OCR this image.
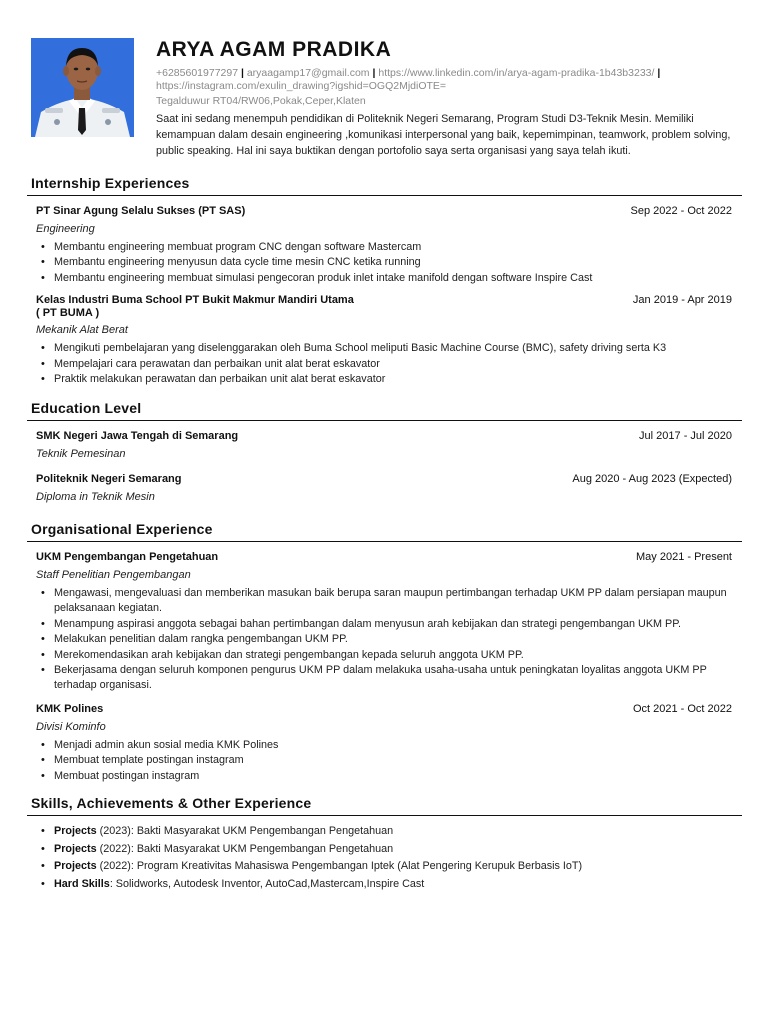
ARYA AGAM PRADIKA
+6285601977297 | aryaagamp17@gmail.com | https://www.linkedin.com/in/arya-agam-pradika-1b43b3233/ | https://instagram.com/exulin_drawing?igshid=OGQ2MjdiOTE=
Tegalduwur RT04/RW06,Pokak,Ceper,Klaten
Saat ini sedang menempuh pendidikan di Politeknik Negeri Semarang, Program Studi D3-Teknik Mesin. Memiliki kemampuan dalam desain engineering ,komunikasi interpersonal yang baik, kepemimpinan, teamwork, problem solving, public speaking. Hal ini saya buktikan dengan portofolio saya serta organisasi yang saya telah ikuti.
Internship Experiences
PT Sinar Agung Selalu Sukses (PT SAS)	Sep 2022 - Oct 2022
Engineering
• Membantu engineering membuat program CNC dengan software Mastercam
• Membantu engineering menyusun data cycle time mesin CNC ketika running
• Membantu engineering membuat simulasi pengecoran produk inlet intake manifold dengan software Inspire Cast
Kelas Industri Buma School PT Bukit Makmur Mandiri Utama
( PT BUMA )
Jan 2019 - Apr 2019
Mekanik Alat Berat
• Mengikuti pembelajaran yang diselenggarakan oleh Buma School meliputi Basic Machine Course (BMC), safety driving serta K3
• Mempelajari cara perawatan dan perbaikan unit alat berat eskavator
• Praktik melakukan perawatan dan perbaikan unit alat berat eskavator
Education Level
SMK Negeri Jawa Tengah di Semarang	Jul 2017 - Jul 2020
Teknik Pemesinan
Politeknik Negeri Semarang	Aug 2020 - Aug 2023 (Expected)
Diploma in Teknik Mesin
Organisational Experience
UKM Pengembangan Pengetahuan	May 2021 - Present
Staff Penelitian Pengembangan
• Mengawasi, mengevaluasi dan memberikan masukan baik berupa saran maupun pertimbangan terhadap UKM PP dalam persiapan maupun pelaksanaan kegiatan.
• Menampung aspirasi anggota sebagai bahan pertimbangan dalam menyusun arah kebijakan dan strategi pengembangan UKM PP.
• Melakukan penelitian dalam rangka pengembangan UKM PP.
• Merekomendasikan arah kebijakan dan strategi pengembangan kepada seluruh anggota UKM PP.
• Bekerjasama dengan seluruh komponen pengurus UKM PP dalam melakuka usaha-usaha untuk peningkatan loyalitas anggota UKM PP terhadap organisasi.
KMK Polines	Oct 2021 - Oct 2022
Divisi Kominfo
• Menjadi admin akun sosial media KMK Polines
• Membuat template postingan instagram
• Membuat postingan instagram
Skills, Achievements & Other Experience
• Projects (2023): Bakti Masyarakat UKM Pengembangan Pengetahuan
• Projects (2022): Bakti Masyarakat UKM Pengembangan Pengetahuan
• Projects (2022): Program Kreativitas Mahasiswa Pengembangan Iptek (Alat Pengering Kerupuk Berbasis IoT)
• Hard Skills: Solidworks, Autodesk Inventor, AutoCad,Mastercam,Inspire Cast
